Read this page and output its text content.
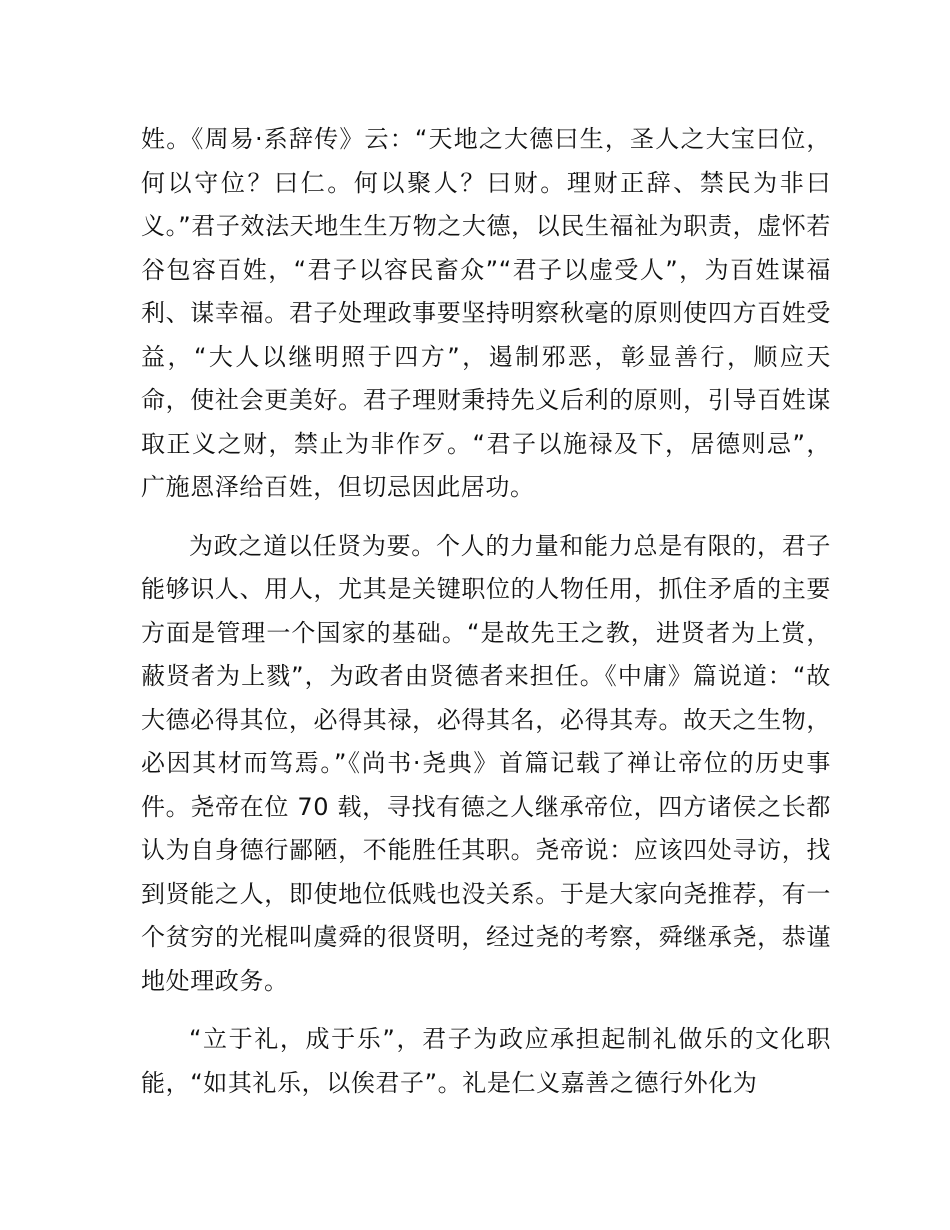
姓。《周易·系辞传》云：“天地之大德曰生，圣人之大宝曰位，何以守位？曰仁。何以聚人？曰财。理财正辞、禁民为非曰义。”君子效法天地生生万物之大德，以民生福祉为职责，虚怀若谷包容百姓，“君子以容民畜众”“君子以虚受人”，为百姓谋福利、谋幸福。君子处理政事要坚持明察秋毫的原则使四方百姓受益，“大人以继明照于四方”，遏制邪恶，彰显善行，顺应天命，使社会更美好。君子理财秉持先义后利的原则，引导百姓谋取正义之财，禁止为非作歹。“君子以施禄及下，居德则忌”，广施恩泽给百姓，但切忌因此居功。

为政之道以任贤为要。个人的力量和能力总是有限的，君子能够识人、用人，尤其是关键职位的人物任用，抓住矛盾的主要方面是管理一个国家的基础。“是故先王之教，进贤者为上赏，蔽贤者为上戮”，为政者由贤德者来担任。《中庸》篇说道：“故大德必得其位，必得其禄，必得其名，必得其寿。故天之生物，必因其材而笃焉。”《尚书·尧典》首篇记载了禅让帝位的历史事件。尧帝在位 70 载，寻找有德之人继承帝位，四方诸侯之长都认为自身德行鄙陋，不能胜任其职。尧帝说：应该四处寻访，找到贤能之人，即使地位低贱也没关系。于是大家向尧推荐，有一个贫穷的光棍叫虞舜的很贤明，经过尧的考察，舜继承尧，恭谨地处理政务。

“立于礼，成于乐”，君子为政应承担起制礼做乐的文化职能，“如其礼乐，以俟君子”。礼是仁义嘉善之德行外化为
